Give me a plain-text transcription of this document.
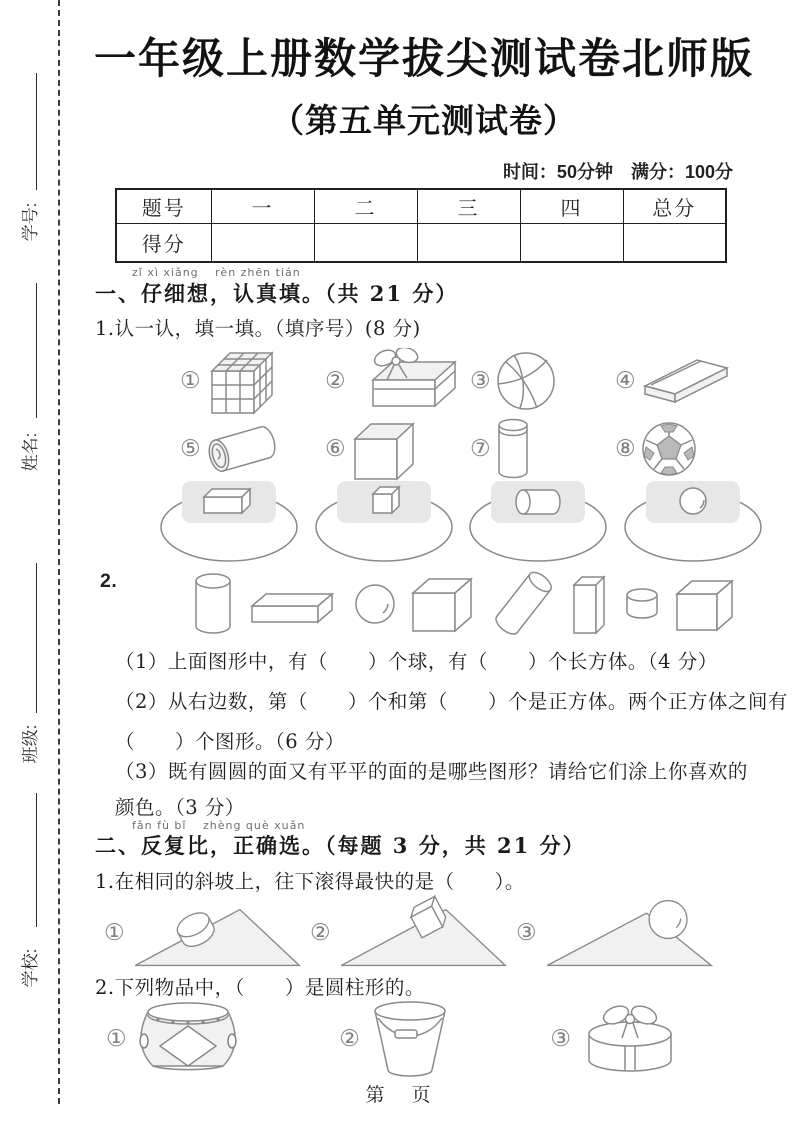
学号:
姓名:
班级:
学校:
一年级上册数学拔尖测试卷北师版
（第五单元测试卷）
时间：50分钟　满分：100分
题号	一	二	三	四	总分
得分					
zǐ xì xiǎng　 rèn zhēn tián
一、仔细想，认真填。（共 21 分）
1.认一认，填一填。（填序号）(8 分)
①	②	③	④
⑤	⑥	⑦	⑧
2.
（1）上面图形中，有（　　）个球，有（　　）个长方体。（4 分）
（2）从右边数，第（　　）个和第（　　）个是正方体。两个正方体之间有
（　　）个图形。（6 分）
（3）既有圆圆的面又有平平的面的是哪些图形？请给它们涂上你喜欢的
颜色。（3 分）
fǎn fù bǐ　 zhèng què xuǎn
二、反复比，正确选。（每题 3 分，共 21 分）
1.在相同的斜坡上，往下滚得最快的是（　　）。
①	②	③
2.下列物品中，（　　）是圆柱形的。
①	②	③
第　页
